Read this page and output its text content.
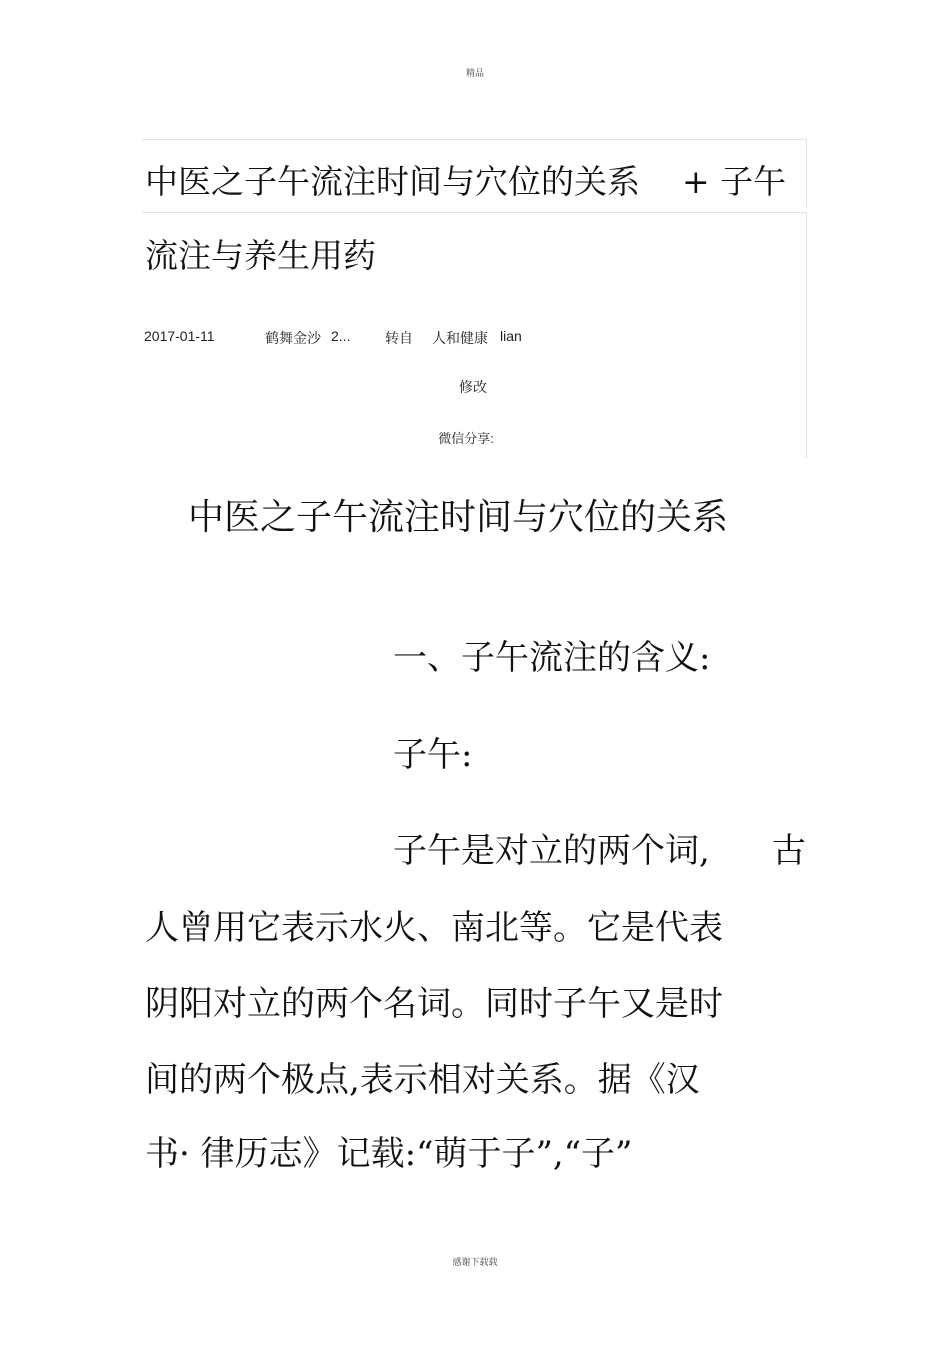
精品
中医之子午流注时间与穴位的关系 + 子午
流注与养生用药
2017-01-11	鹤舞金沙 2... 转自 人和健康 lian
修改
微信分享:
中医之子午流注时间与穴位的关系
一、子午流注的含义:
子午:
子午是对立的两个词, 古
人曾用它表示水火、南北等。它是代表
阴阳对立的两个名词。同时子午又是时
间的两个极点,表示相对关系。据《汉
书· 律历志》记载:“萌于子”,“子”
感谢下载载
